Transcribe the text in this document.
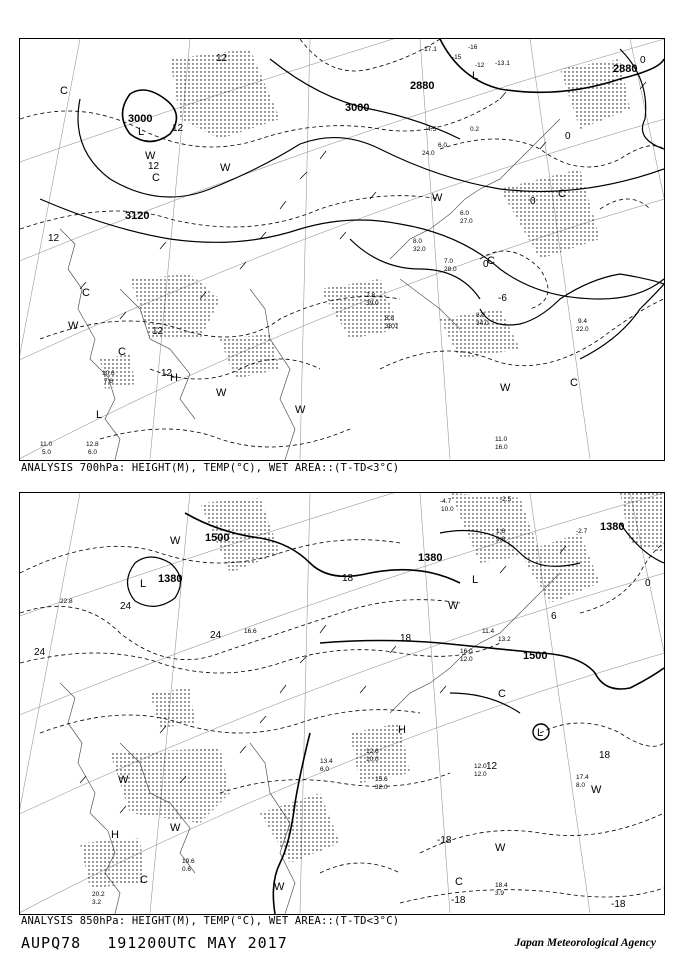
3000
3000
2880
3120
2880
12
12
12
12
12
12
0
0
0
0
-6
L
L
L
H
C
C
C
C
C
C
C
W
W
W
W
W
W
W
11.0
16.0
9.4
22.0
8.8
38.0
7.8
39.0
8.0
32.0
8.0
34.0
12.8
6.0
11.0
5.0
10.6
7.6
6.0
27.0
7.0
28.0
-15
-12
-16
-13.1
-17.1
-4.5	0.2
6.0
24.0
ANALYSIS 700hPa: HEIGHT(M), TEMP(°C), WET AREA::(T-TD<3°C)
1500
1380
1380
1500
1380
24
24
24
18
18
18
12
6
0
-18
-18	-18
L
L
L
H
H
C
C
C
W
W
W
W
W
W
W
12.6
10.0
15.6
32.0
13.4
6.0
17.4
8.0
18.4
3.9
19.6
0.6
20.2
3.2
12.0
12.0
11.4
13.2
16.0
12.0
-4.7	-2.5
-2.7
10.0
1.6
9.8
16.6
22.8
ANALYSIS 850hPa: HEIGHT(M), TEMP(°C), WET AREA::(T-TD<3°C)
AUPQ78 191200UTC MAY 2017	Japan Meteorological Agency
